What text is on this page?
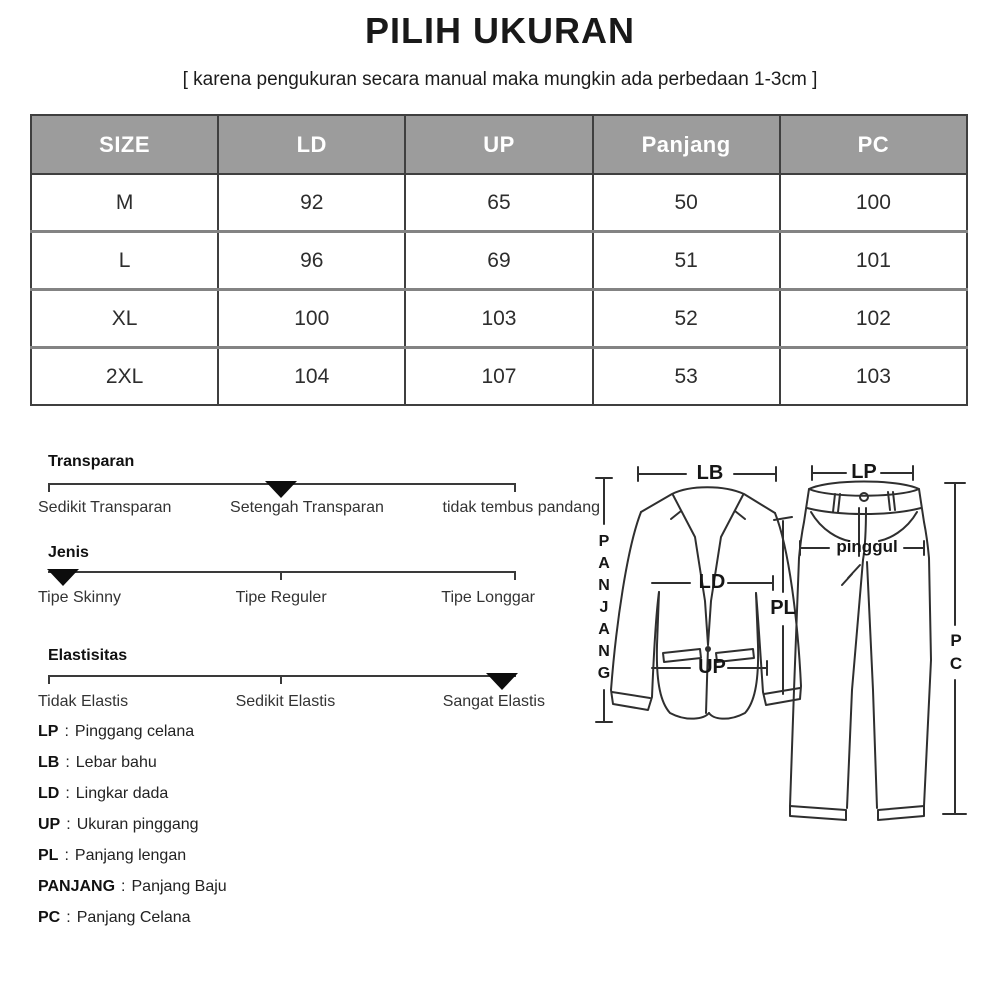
PILIH UKURAN
[ karena pengukuran secara manual maka mungkin ada perbedaan 1-3cm ]
SIZE	LD	UP	Panjang	PC
M	92	65	50	100
L	96	69	51	101
XL	100	103	52	102
2XL	104	107	53	103
Transparan
Sedikit Transparan	Setengah Transparan	tidak tembus pandang
Jenis
Tipe Skinny	Tipe Reguler	Tipe Longgar
Elastisitas
Tidak Elastis	Sedikit Elastis	Sangat Elastis
LP : Pinggang celana
LB : Lebar bahu
LD : Lingkar dada
UP : Ukuran pinggang
PL : Panjang lengan
PANJANG : Panjang Baju
PC : Panjang Celana
LB
LD
UP
PL
PANJANG
LP
pinggul
PC
